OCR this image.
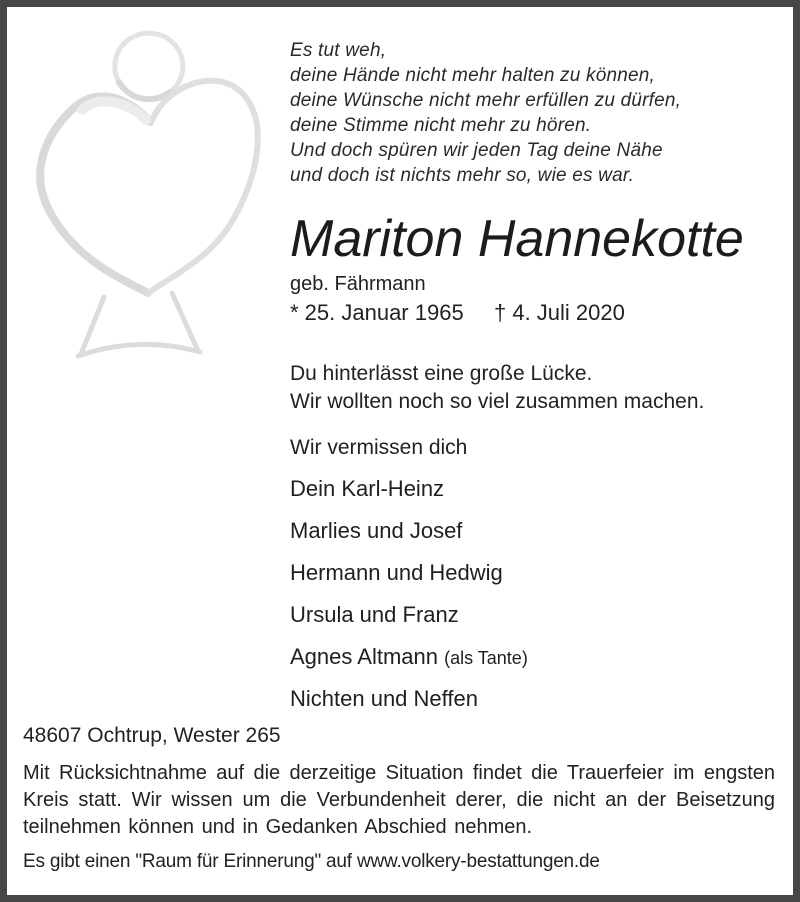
Es tut weh,
deine Hände nicht mehr halten zu können,
deine Wünsche nicht mehr erfüllen zu dürfen,
deine Stimme nicht mehr zu hören.
Und doch spüren wir jeden Tag deine Nähe
und doch ist nichts mehr so, wie es war.
Mariton Hannekotte
geb. Fährmann
* 25. Januar 1965 † 4. Juli 2020
Du hinterlässt eine große Lücke.
Wir wollten noch so viel zusammen machen.
Wir vermissen dich
Dein Karl-Heinz
Marlies und Josef
Hermann und Hedwig
Ursula und Franz
Agnes Altmann (als Tante)
Nichten und Neffen
48607 Ochtrup, Wester 265

Mit Rücksichtnahme auf die derzeitige Situation findet die Trauerfeier im engsten Kreis statt. Wir wissen um die Verbundenheit derer, die nicht an der Beisetzung teilnehmen können und in Gedanken Abschied nehmen.

Es gibt einen "Raum für Erinnerung" auf www.volkery-bestattungen.de
